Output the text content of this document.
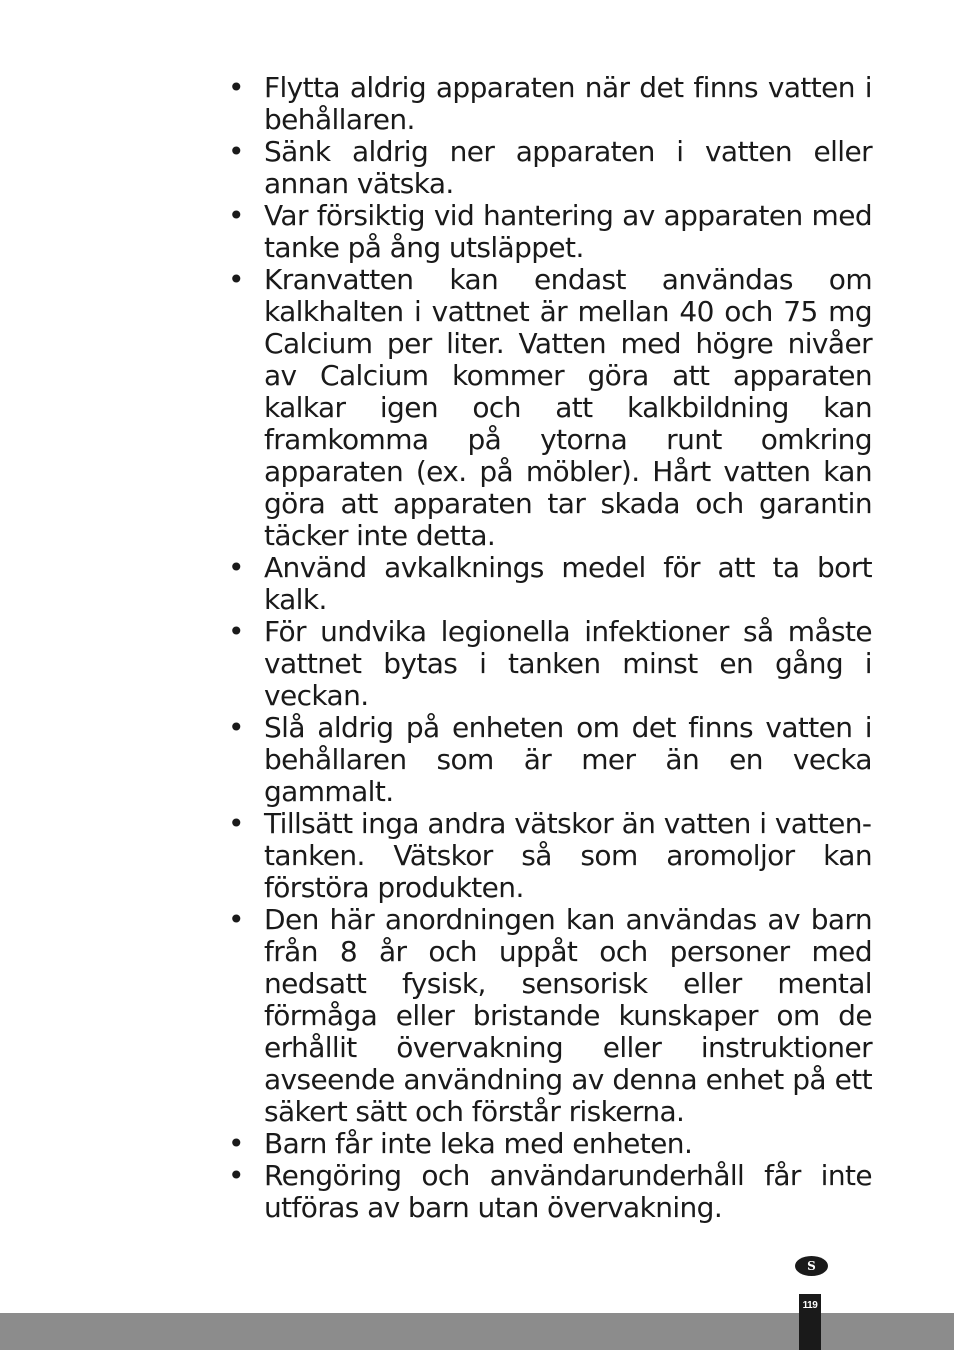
• Flytta aldrig apparaten när det finns vatten i behållaren.
• Sänk aldrig ner apparaten i vatten eller annan vätska.
• Var försiktig vid hantering av apparaten med tanke på ång utsläppet.
• Kranvatten kan endast användas om kalkhalten i vattnet är mellan 40 och 75 mg Calcium per liter. Vatten med högre nivåer av Calcium kommer göra att apparaten kalkar igen och att kalkbildning kan framkomma på ytorna runt omkring apparaten (ex. på möbler). Hårt vatten kan göra att apparaten tar skada och garantin täcker inte detta.
• Använd avkalknings medel för att ta bort kalk.
• För undvika legionella infektioner så måste vattnet bytas i tanken minst en gång i veckan.
• Slå aldrig på enheten om det finns vatten i behållaren som är mer än en vecka gammalt.
• Tillsätt inga andra vätskor än vatten i vattentanken. Vätskor så som aromoljor kan förstöra produkten.
• Den här anordningen kan användas av barn från 8 år och uppåt och personer med nedsatt fysisk, sensorisk eller mental förmåga eller bristande kunskaper om de erhållit övervakning eller instruktioner avseende användning av denna enhet på ett säkert sätt och förstår riskerna.
• Barn får inte leka med enheten.
• Rengöring och användarunderhåll får inte utföras av barn utan övervakning.
S
119
